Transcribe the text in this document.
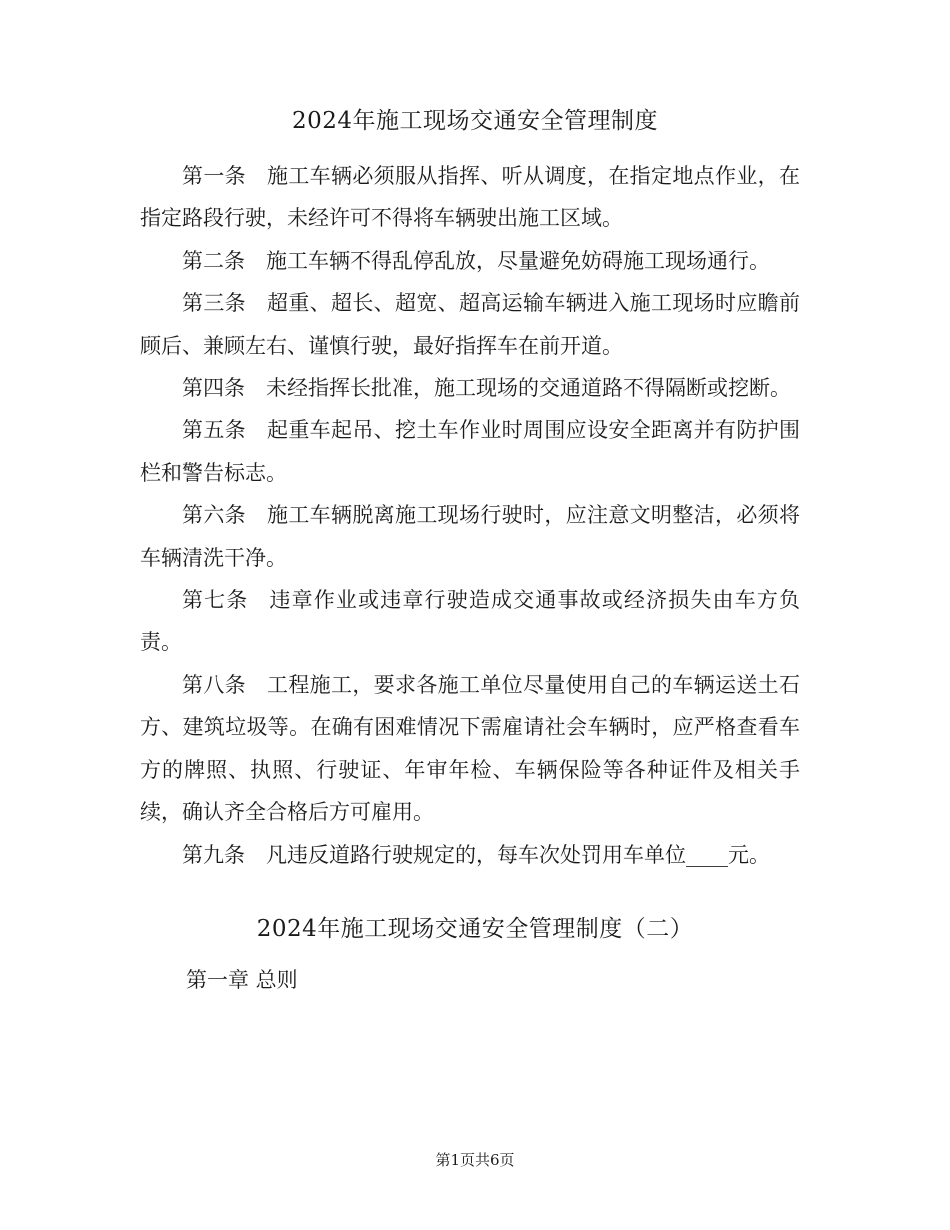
2024年施工现场交通安全管理制度

第一条 施工车辆必须服从指挥、听从调度，在指定地点作业，在指定路段行驶，未经许可不得将车辆驶出施工区域。

第二条 施工车辆不得乱停乱放，尽量避免妨碍施工现场通行。

第三条 超重、超长、超宽、超高运输车辆进入施工现场时应瞻前顾后、兼顾左右、谨慎行驶，最好指挥车在前开道。

第四条 未经指挥长批准，施工现场的交通道路不得隔断或挖断。

第五条 起重车起吊、挖土车作业时周围应设安全距离并有防护围栏和警告标志。

第六条 施工车辆脱离施工现场行驶时，应注意文明整洁，必须将车辆清洗干净。

第七条 违章作业或违章行驶造成交通事故或经济损失由车方负责。

第八条 工程施工，要求各施工单位尽量使用自己的车辆运送土石方、建筑垃圾等。在确有困难情况下需雇请社会车辆时，应严格查看车方的牌照、执照、行驶证、年审年检、车辆保险等各种证件及相关手续，确认齐全合格后方可雇用。

第九条 凡违反道路行驶规定的，每车次处罚用车单位____元。

2024年施工现场交通安全管理制度（二）
第一章 总则
第1页共6页
